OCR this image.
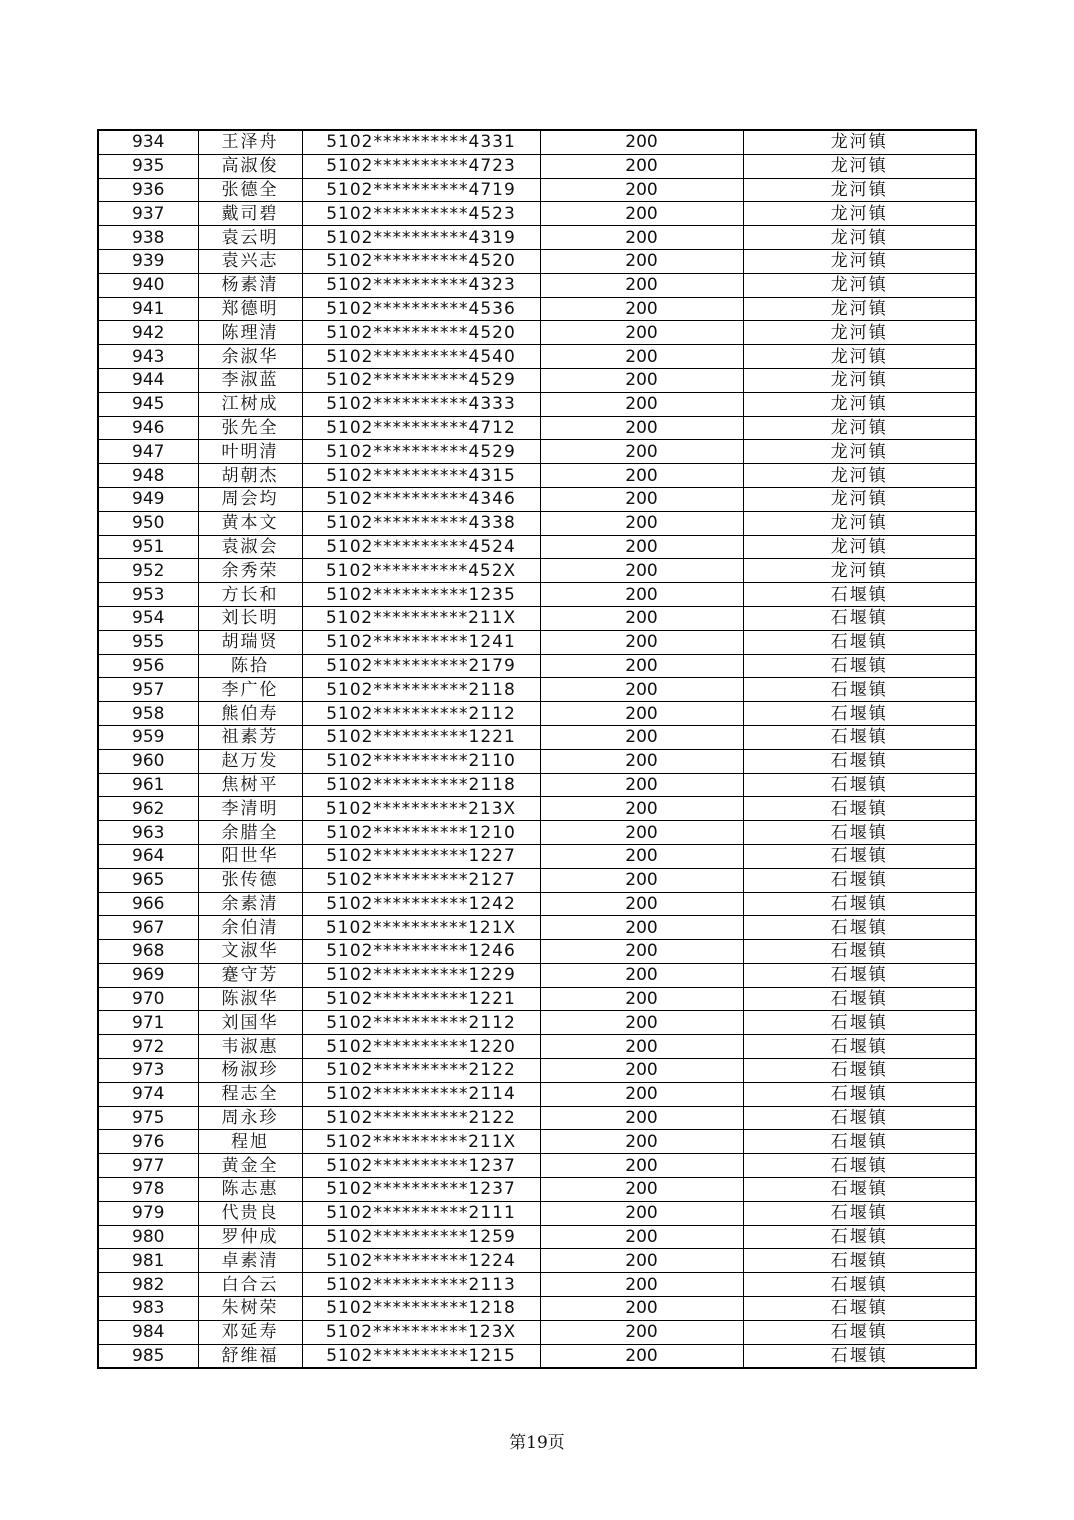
934	王泽舟	5102**********4331	200	龙河镇
935	高淑俊	5102**********4723	200	龙河镇
936	张德全	5102**********4719	200	龙河镇
937	戴司碧	5102**********4523	200	龙河镇
938	袁云明	5102**********4319	200	龙河镇
939	袁兴志	5102**********4520	200	龙河镇
940	杨素清	5102**********4323	200	龙河镇
941	郑德明	5102**********4536	200	龙河镇
942	陈理清	5102**********4520	200	龙河镇
943	余淑华	5102**********4540	200	龙河镇
944	李淑蓝	5102**********4529	200	龙河镇
945	江树成	5102**********4333	200	龙河镇
946	张先全	5102**********4712	200	龙河镇
947	叶明清	5102**********4529	200	龙河镇
948	胡朝杰	5102**********4315	200	龙河镇
949	周会均	5102**********4346	200	龙河镇
950	黄本文	5102**********4338	200	龙河镇
951	袁淑会	5102**********4524	200	龙河镇
952	余秀荣	5102**********452X	200	龙河镇
953	方长和	5102**********1235	200	石堰镇
954	刘长明	5102**********211X	200	石堰镇
955	胡瑞贤	5102**********1241	200	石堰镇
956	陈拾	5102**********2179	200	石堰镇
957	李广伦	5102**********2118	200	石堰镇
958	熊伯寿	5102**********2112	200	石堰镇
959	祖素芳	5102**********1221	200	石堰镇
960	赵万发	5102**********2110	200	石堰镇
961	焦树平	5102**********2118	200	石堰镇
962	李清明	5102**********213X	200	石堰镇
963	余腊全	5102**********1210	200	石堰镇
964	阳世华	5102**********1227	200	石堰镇
965	张传德	5102**********2127	200	石堰镇
966	余素清	5102**********1242	200	石堰镇
967	余伯清	5102**********121X	200	石堰镇
968	文淑华	5102**********1246	200	石堰镇
969	蹇守芳	5102**********1229	200	石堰镇
970	陈淑华	5102**********1221	200	石堰镇
971	刘国华	5102**********2112	200	石堰镇
972	韦淑惠	5102**********1220	200	石堰镇
973	杨淑珍	5102**********2122	200	石堰镇
974	程志全	5102**********2114	200	石堰镇
975	周永珍	5102**********2122	200	石堰镇
976	程旭	5102**********211X	200	石堰镇
977	黄金全	5102**********1237	200	石堰镇
978	陈志惠	5102**********1237	200	石堰镇
979	代贵良	5102**********2111	200	石堰镇
980	罗仲成	5102**********1259	200	石堰镇
981	卓素清	5102**********1224	200	石堰镇
982	白合云	5102**********2113	200	石堰镇
983	朱树荣	5102**********1218	200	石堰镇
984	邓延寿	5102**********123X	200	石堰镇
985	舒维福	5102**********1215	200	石堰镇
第19页
